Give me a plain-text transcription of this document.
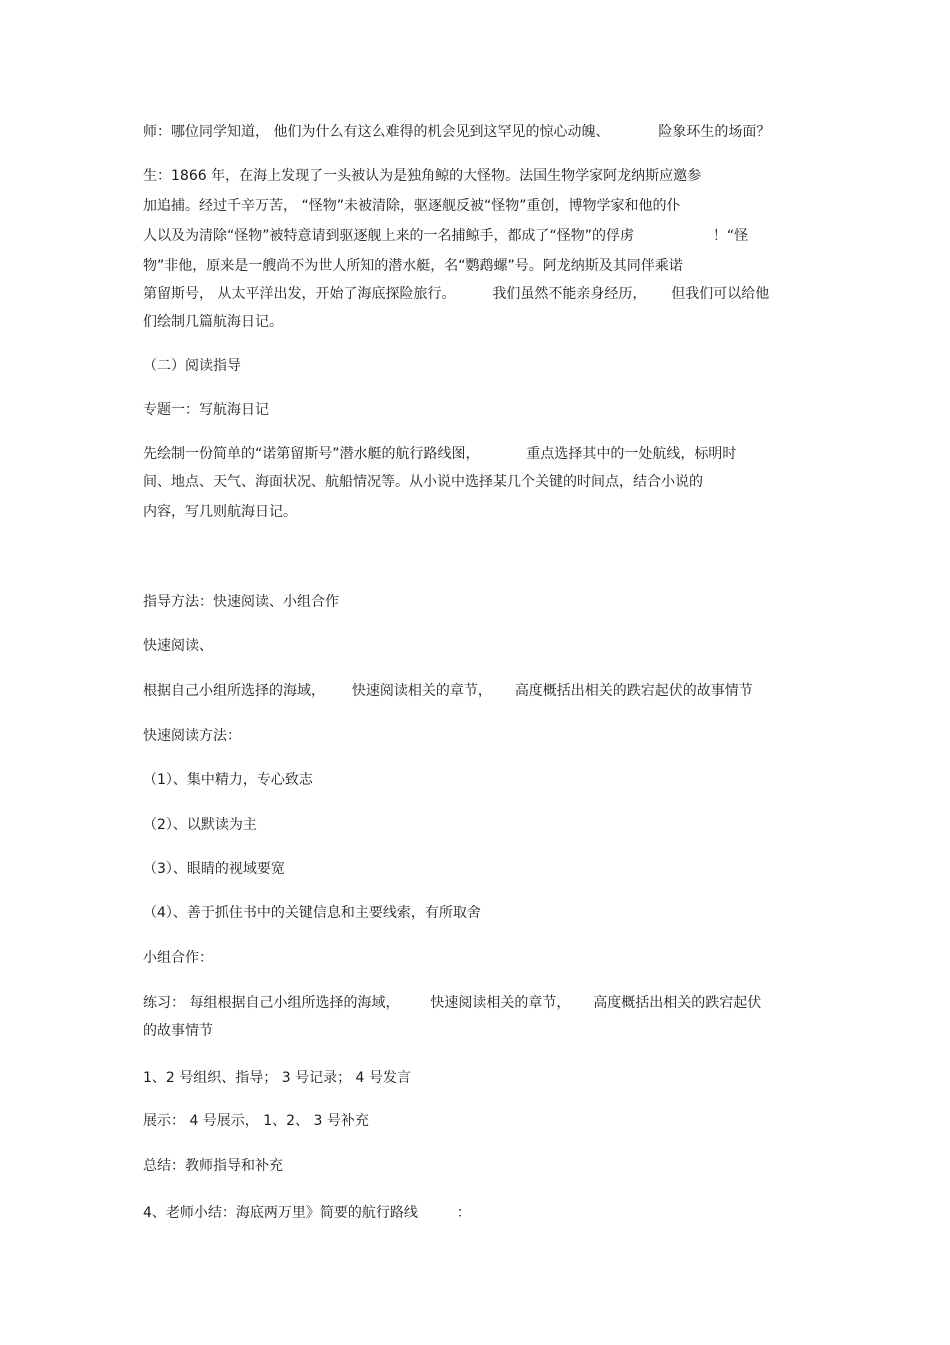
师：哪位同学知道， 他们为什么有这么难得的机会见到这罕见的惊心动魄、	险象环生的场面？
生：1866 年，在海上发现了一头被认为是独角鲸的大怪物。法国生物学家阿龙纳斯应邀参
加追捕。经过千辛万苦， “怪物”未被清除，驱逐舰反被“怪物”重创，博物学家和他的仆
人以及为清除“怪物”被特意请到驱逐舰上来的一名捕鲸手，都成了“怪物”的俘虏	！“怪
物”非他，原来是一艘尚不为世人所知的潜水艇，名“鹦鹉螺”号。阿龙纳斯及其同伴乘诺
第留斯号， 从太平洋出发，开始了海底探险旅行。	我们虽然不能亲身经历， 但我们可以给他
们绘制几篇航海日记。
（二）阅读指导
专题一：写航海日记
先绘制一份简单的“诺第留斯号”潜水艇的航行路线图，	重点选择其中的一处航线，标明时
间、地点、天气、海面状况、航船情况等。从小说中选择某几个关键的时间点，结合小说的
内容，写几则航海日记。
指导方法：快速阅读、小组合作
快速阅读、
根据自己小组所选择的海域， 快速阅读相关的章节， 高度概括出相关的跌宕起伏的故事情节
快速阅读方法：
（1）、集中精力，专心致志
（2）、以默读为主
（3）、眼睛的视域要宽
（4）、善于抓住书中的关键信息和主要线索，有所取舍
小组合作：
练习： 每组根据自己小组所选择的海域， 快速阅读相关的章节， 高度概括出相关的跌宕起伏
的故事情节
1、2 号组织、指导； 3 号记录； 4 号发言
展示： 4 号展示， 1、2、 3 号补充
总结：教师指导和补充
4、老师小结：海底两万里》简要的航行路线	：
